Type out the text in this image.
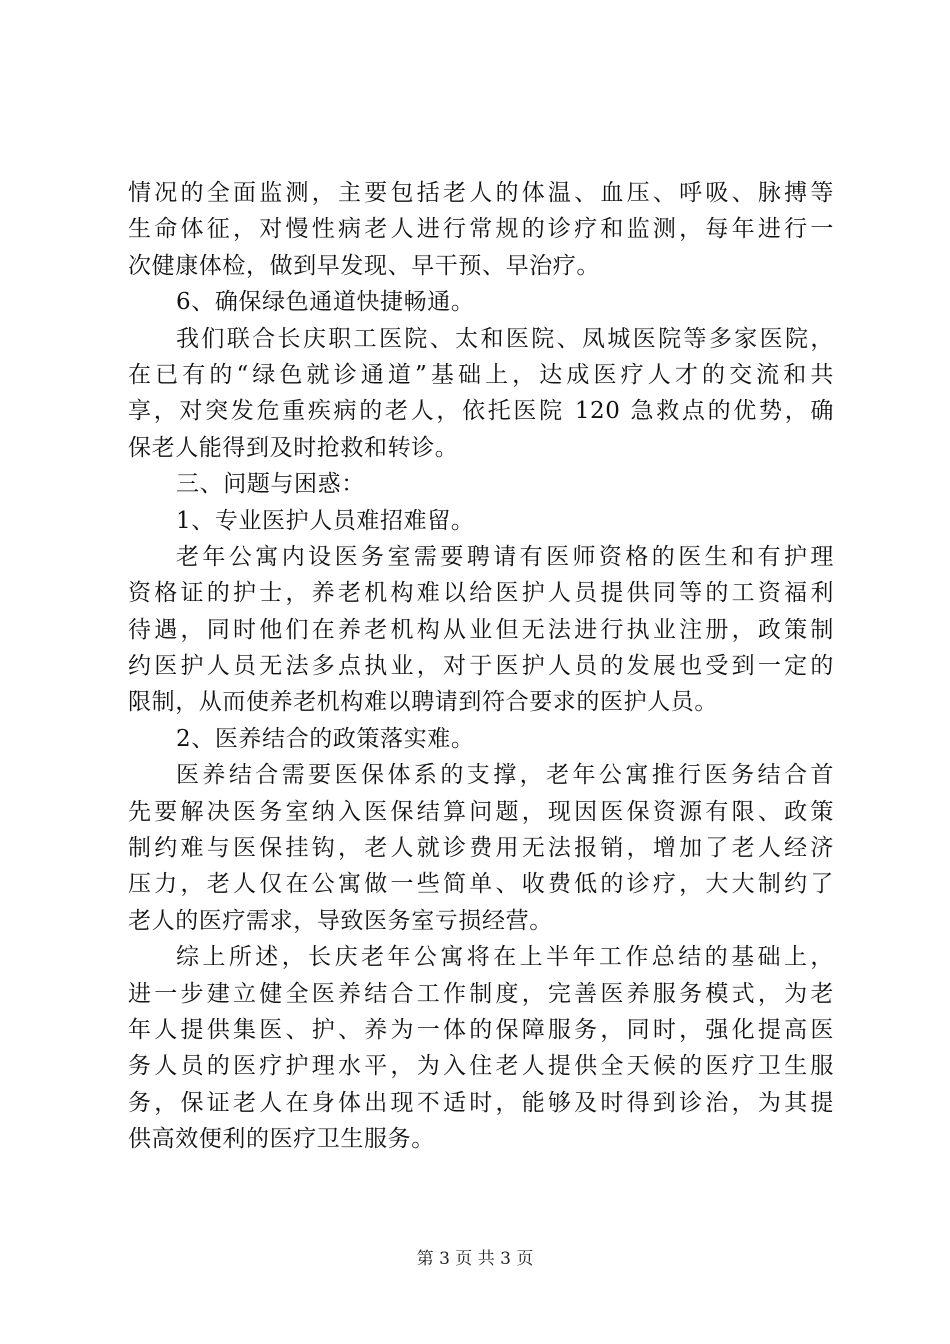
情况的全面监测，主要包括老人的体温、血压、呼吸、脉搏等
生命体征，对慢性病老人进行常规的诊疗和监测，每年进行一
次健康体检，做到早发现、早干预、早治疗。
6、确保绿色通道快捷畅通。
我们联合长庆职工医院、太和医院、凤城医院等多家医院，
在已有的“绿色就诊通道”基础上，达成医疗人才的交流和共
享，对突发危重疾病的老人，依托医院 120 急救点的优势，确
保老人能得到及时抢救和转诊。
三、问题与困惑：
1、专业医护人员难招难留。
老年公寓内设医务室需要聘请有医师资格的医生和有护理
资格证的护士，养老机构难以给医护人员提供同等的工资福利
待遇，同时他们在养老机构从业但无法进行执业注册，政策制
约医护人员无法多点执业，对于医护人员的发展也受到一定的
限制，从而使养老机构难以聘请到符合要求的医护人员。
2、医养结合的政策落实难。
医养结合需要医保体系的支撑，老年公寓推行医务结合首
先要解决医务室纳入医保结算问题，现因医保资源有限、政策
制约难与医保挂钩，老人就诊费用无法报销，增加了老人经济
压力，老人仅在公寓做一些简单、收费低的诊疗，大大制约了
老人的医疗需求，导致医务室亏损经营。
综上所述，长庆老年公寓将在上半年工作总结的基础上，
进一步建立健全医养结合工作制度，完善医养服务模式，为老
年人提供集医、护、养为一体的保障服务，同时，强化提高医
务人员的医疗护理水平，为入住老人提供全天候的医疗卫生服
务，保证老人在身体出现不适时，能够及时得到诊治，为其提
供高效便利的医疗卫生服务。
第 3 页 共 3 页
